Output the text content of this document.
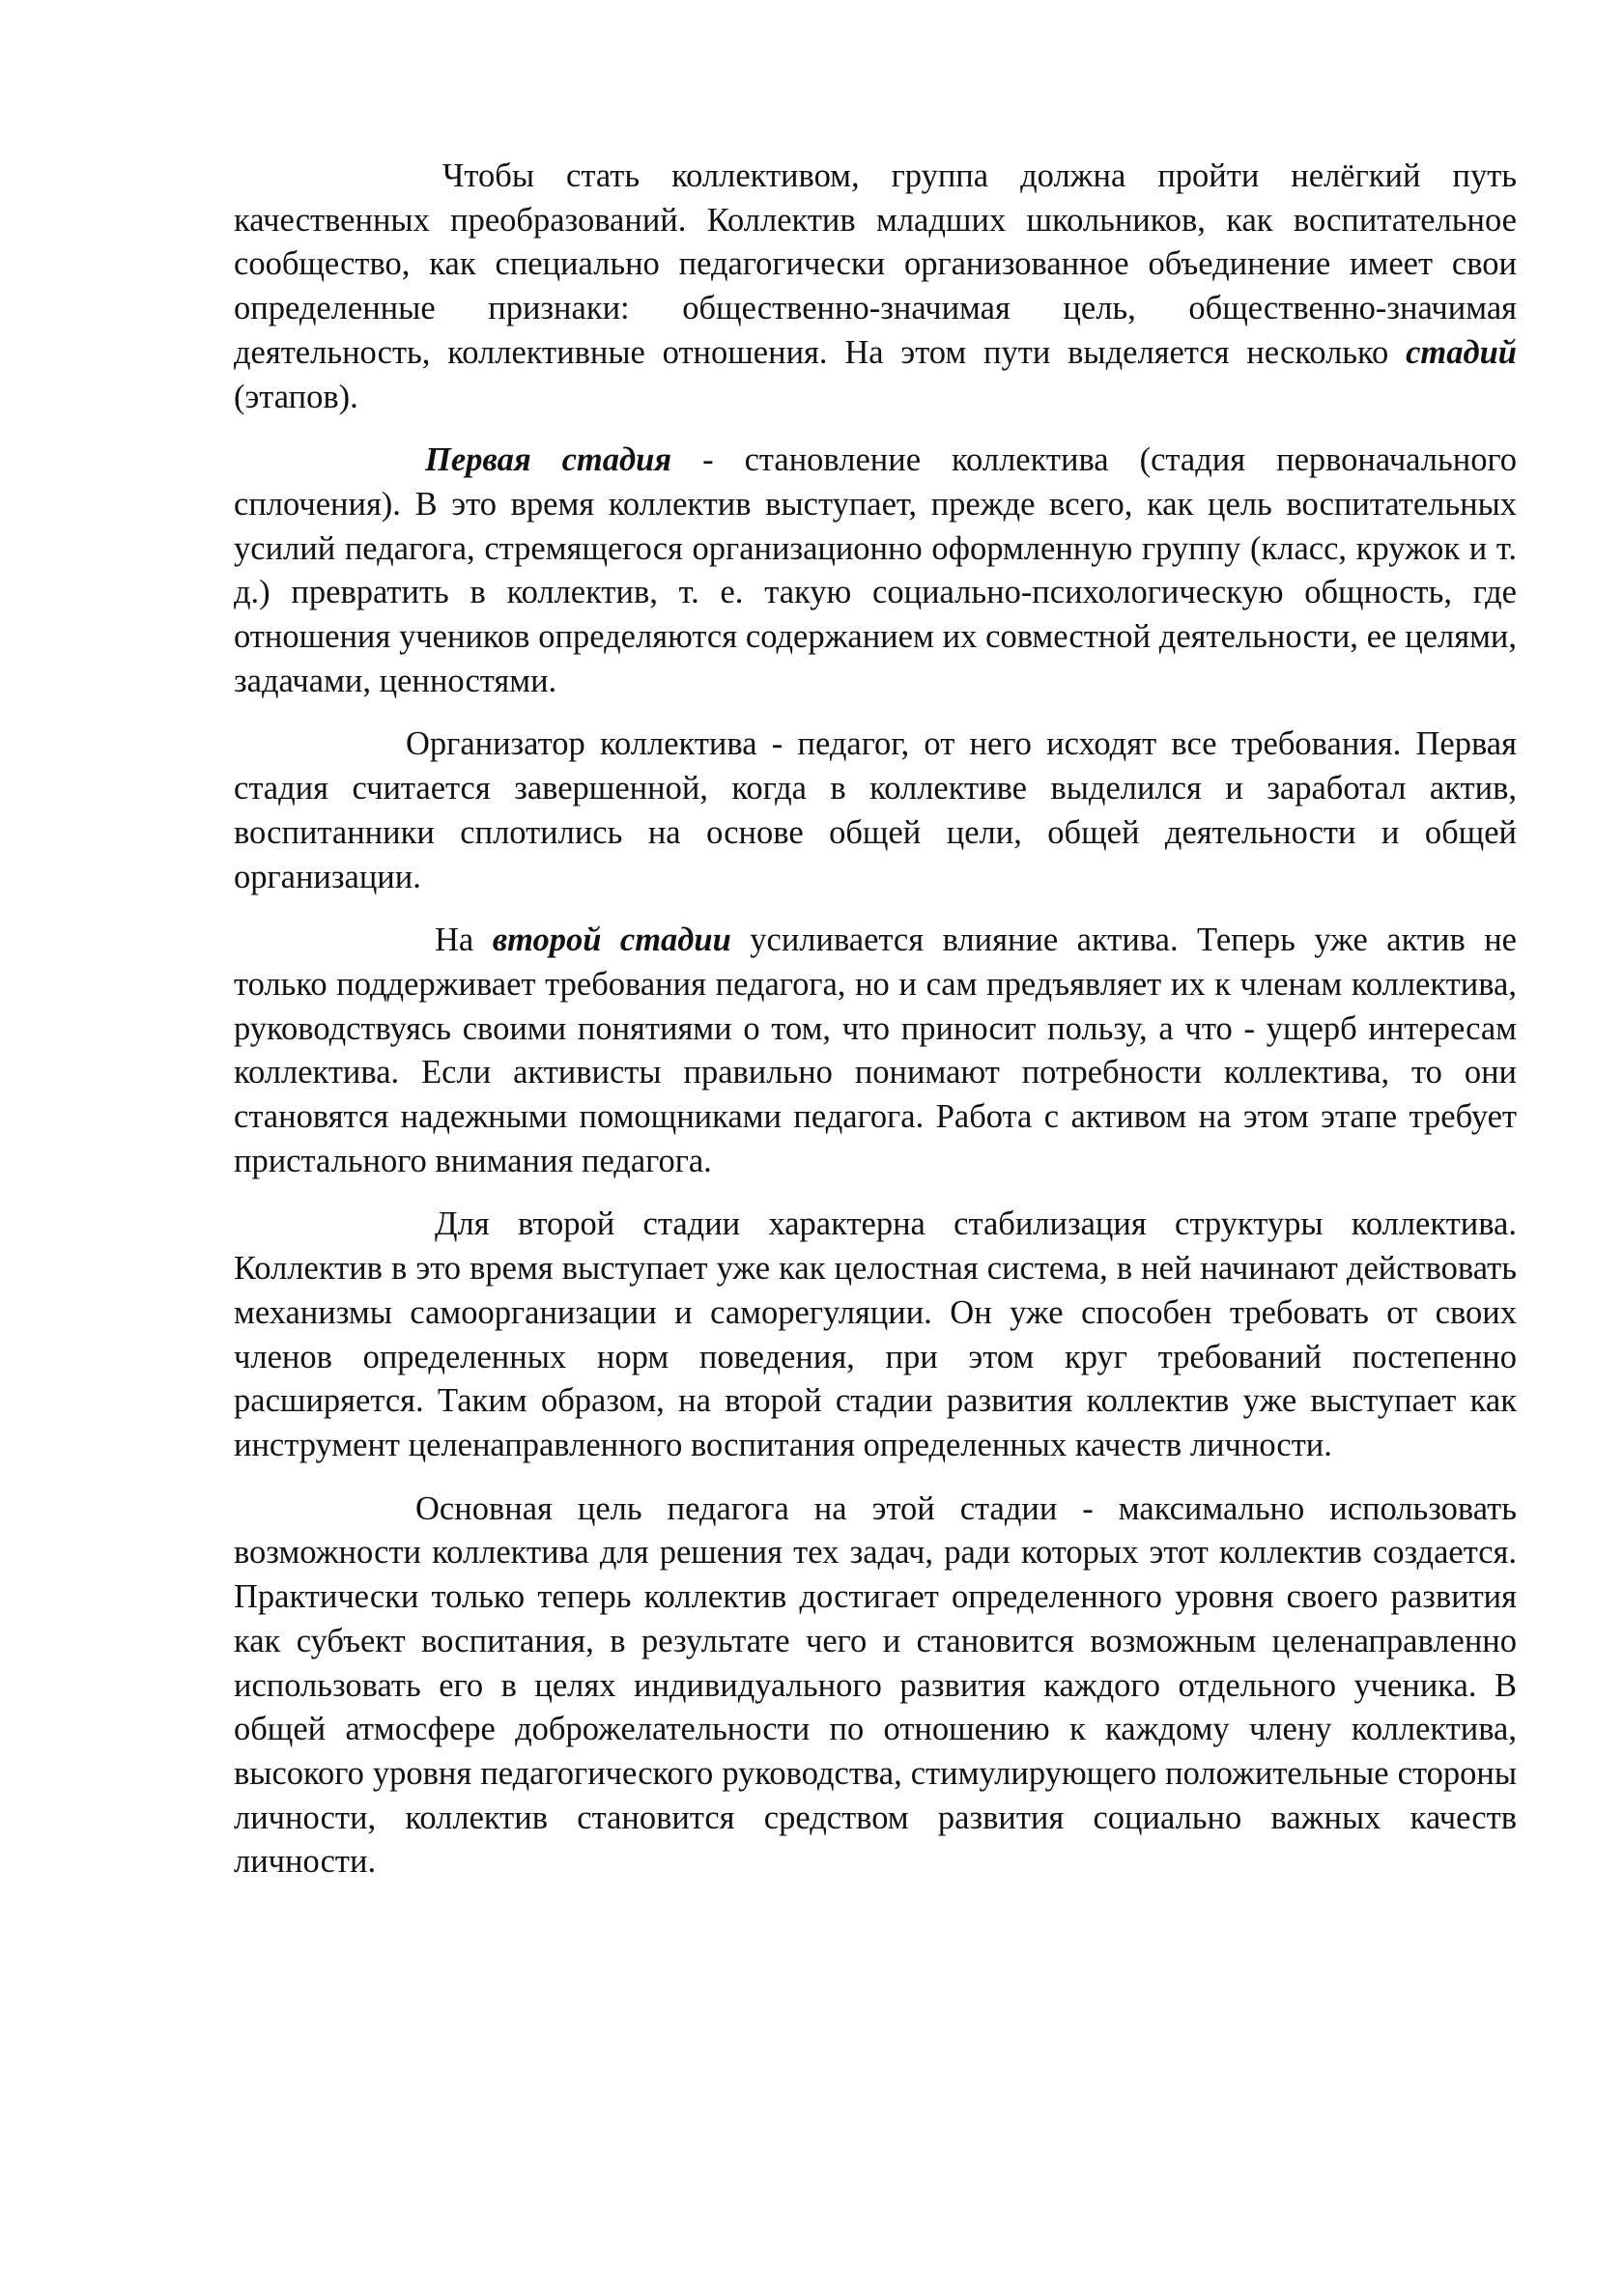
Чтобы стать коллективом, группа должна пройти нелёгкий путь качественных преобразований. Коллектив младших школьников, как воспитательное сообщество, как специально педагогически организованное объединение имеет свои определенные признаки: общественно-значимая цель, общественно-значимая деятельность, коллективные отношения. На этом пути выделяется несколько стадий (этапов).

Первая стадия - становление коллектива (стадия первоначального сплочения). В это время коллектив выступает, прежде всего, как цель воспитательных усилий педагога, стремящегося организационно оформленную группу (класс, кружок и т. д.) превратить в коллектив, т. е. такую социально-психологическую общность, где отношения учеников определяются содержанием их совместной деятельности, ее целями, задачами, ценностями.

Организатор коллектива - педагог, от него исходят все требования. Первая стадия считается завершенной, когда в коллективе выделился и заработал актив, воспитанники сплотились на основе общей цели, общей деятельности и общей организации.

На второй стадии усиливается влияние актива. Теперь уже актив не только поддерживает требования педагога, но и сам предъявляет их к членам коллектива, руководствуясь своими понятиями о том, что приносит пользу, а что - ущерб интересам коллектива. Если активисты правильно понимают потребности коллектива, то они становятся надежными помощниками педагога. Работа с активом на этом этапе требует пристального внимания педагога.

Для второй стадии характерна стабилизация структуры коллектива. Коллектив в это время выступает уже как целостная система, в ней начинают действовать механизмы самоорганизации и саморегуляции. Он уже способен требовать от своих членов определенных норм поведения, при этом круг требований постепенно расширяется. Таким образом, на второй стадии развития коллектив уже выступает как инструмент целенаправленного воспитания определенных качеств личности.

Основная цель педагога на этой стадии - максимально использовать возможности коллектива для решения тех задач, ради которых этот коллектив создается. Практически только теперь коллектив достигает определенного уровня своего развития как субъект воспитания, в результате чего и становится возможным целенаправленно использовать его в целях индивидуального развития каждого отдельного ученика. В общей атмосфере доброжелательности по отношению к каждому члену коллектива, высокого уровня педагогического руководства, стимулирующего положительные стороны личности, коллектив становится средством развития социально важных качеств личности.
